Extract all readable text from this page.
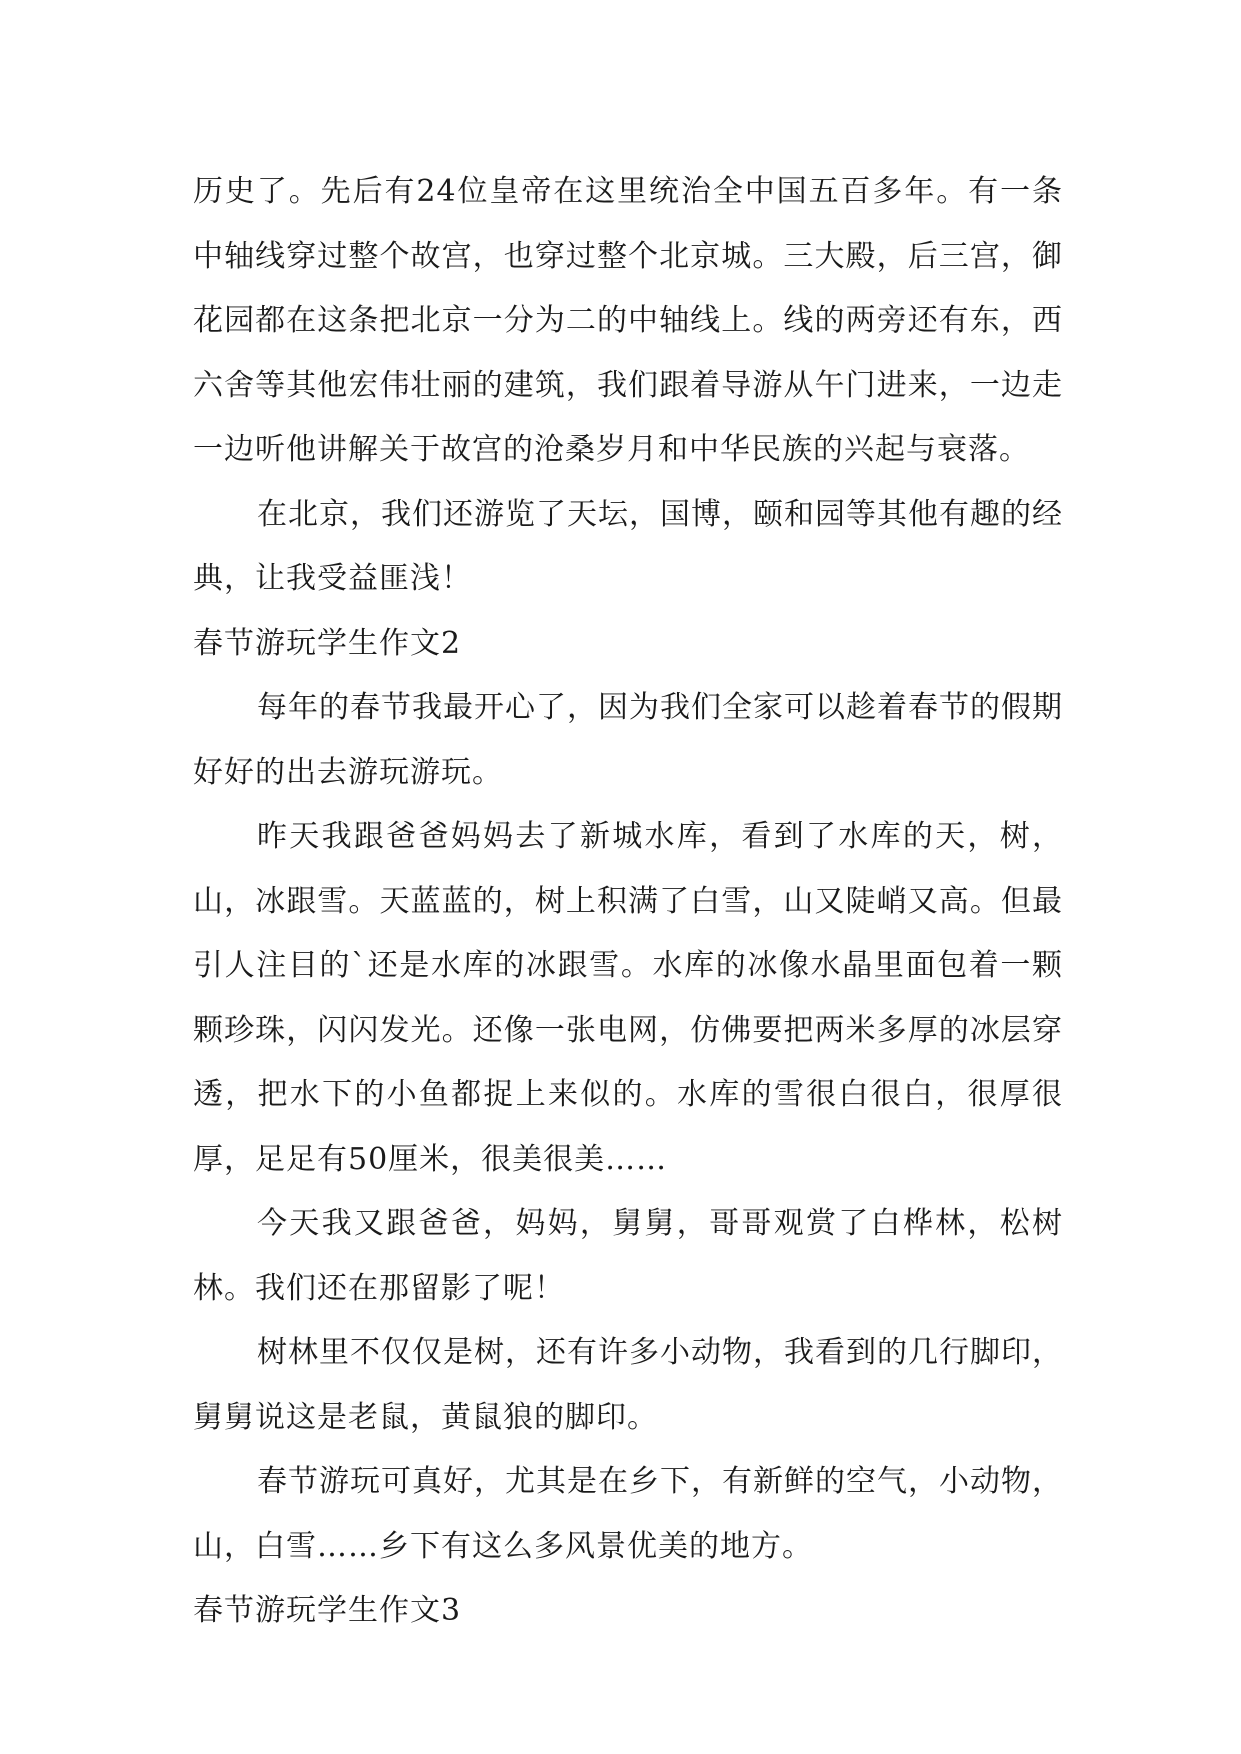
历史了。先后有24位皇帝在这里统治全中国五百多年。有一条中轴线穿过整个故宫，也穿过整个北京城。三大殿，后三宫，御花园都在这条把北京一分为二的中轴线上。线的两旁还有东，西六舍等其他宏伟壮丽的建筑，我们跟着导游从午门进来，一边走一边听他讲解关于故宫的沧桑岁月和中华民族的兴起与衰落。

在北京，我们还游览了天坛，国博，颐和园等其他有趣的经典，让我受益匪浅！

春节游玩学生作文2

每年的春节我最开心了，因为我们全家可以趁着春节的假期好好的出去游玩游玩。

昨天我跟爸爸妈妈去了新城水库，看到了水库的天，树，山，冰跟雪。天蓝蓝的，树上积满了白雪，山又陡峭又高。但最引人注目的`还是水库的冰跟雪。水库的冰像水晶里面包着一颗颗珍珠，闪闪发光。还像一张电网，仿佛要把两米多厚的冰层穿透，把水下的小鱼都捉上来似的。水库的雪很白很白，很厚很厚，足足有50厘米，很美很美……

今天我又跟爸爸，妈妈，舅舅，哥哥观赏了白桦林，松树林。我们还在那留影了呢！

树林里不仅仅是树，还有许多小动物，我看到的几行脚印，舅舅说这是老鼠，黄鼠狼的脚印。

春节游玩可真好，尤其是在乡下，有新鲜的空气，小动物，山，白雪……乡下有这么多风景优美的地方。

春节游玩学生作文3
